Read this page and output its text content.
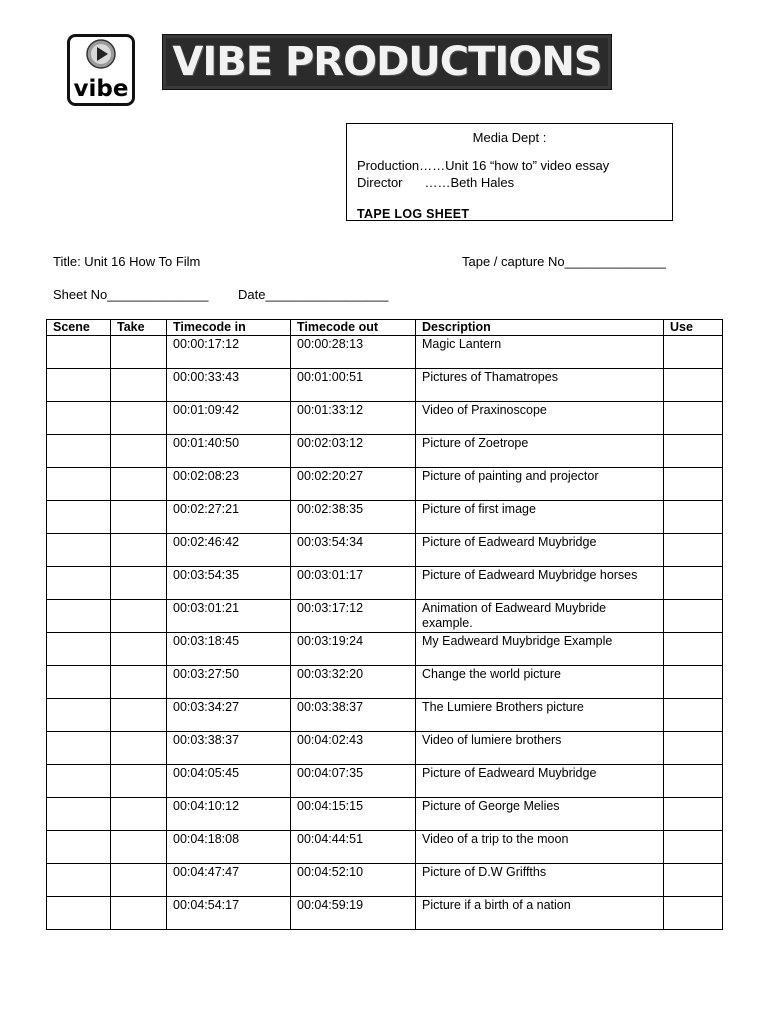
vibe
VIBE PRODUCTIONS
Media Dept :
Production……Unit 16 “how to” video essay
Director ……Beth Hales
TAPE LOG SHEET
Title: Unit 16 How To Film	Tape / capture No______________
Sheet No______________ Date_________________
Scene	Take	Timecode in	Timecode out	Description	Use
		00:00:17:12	00:00:28:13	Magic Lantern	
		00:00:33:43	00:01:00:51	Pictures of Thamatropes	
		00:01:09:42	00:01:33:12	Video of Praxinoscope	
		00:01:40:50	00:02:03:12	Picture of Zoetrope	
		00:02:08:23	00:02:20:27	Picture of painting and projector	
		00:02:27:21	00:02:38:35	Picture of first image	
		00:02:46:42	00:03:54:34	Picture of Eadweard Muybridge	
		00:03:54:35	00:03:01:17	Picture of Eadweard Muybridge horses	
		00:03:01:21	00:03:17:12	Animation of Eadweard Muybride example.	
		00:03:18:45	00:03:19:24	My Eadweard Muybridge Example	
		00:03:27:50	00:03:32:20	Change the world picture	
		00:03:34:27	00:03:38:37	The Lumiere Brothers picture	
		00:03:38:37	00:04:02:43	Video of lumiere brothers	
		00:04:05:45	00:04:07:35	Picture of Eadweard Muybridge	
		00:04:10:12	00:04:15:15	Picture of George Melies	
		00:04:18:08	00:04:44:51	Video of a trip to the moon	
		00:04:47:47	00:04:52:10	Picture of D.W Griffths	
		00:04:54:17	00:04:59:19	Picture if a birth of a nation	
